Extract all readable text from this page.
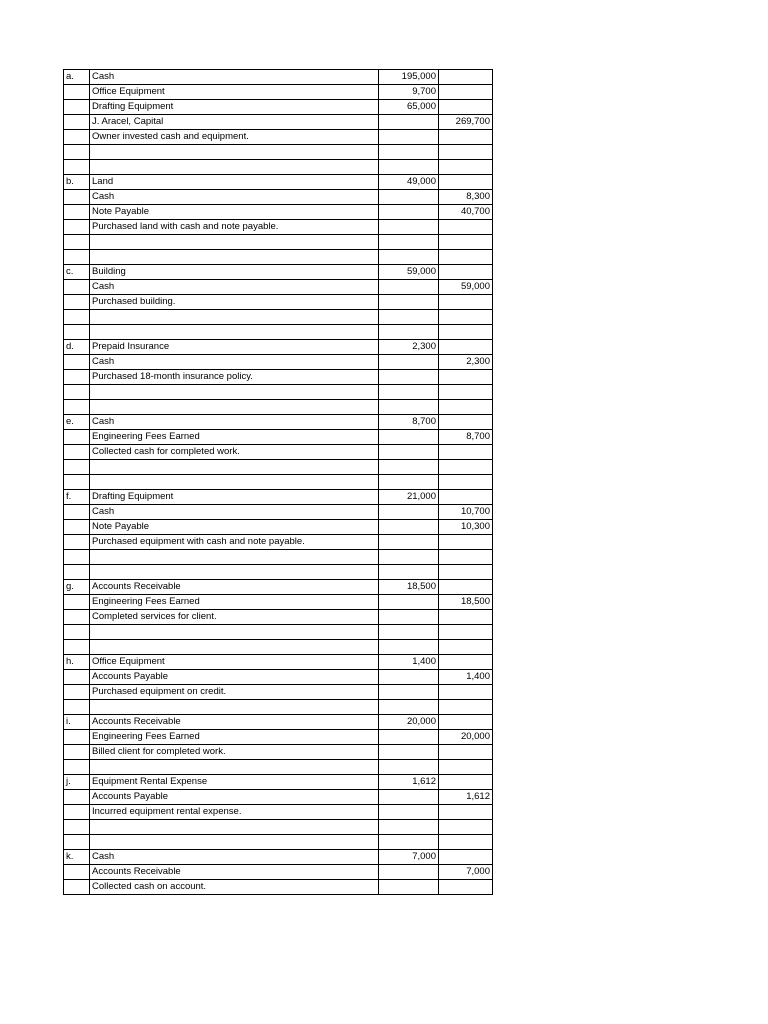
a.	Cash	195,000	
	Office Equipment	9,700	
	Drafting Equipment	65,000	
	J. Aracel, Capital		269,700
	Owner invested cash and equipment.		

b.	Land	49,000	
	Cash		8,300
	Note Payable		40,700
	Purchased land with cash and note payable.		

c.	Building	59,000	
	Cash		59,000
	Purchased building.		

d.	Prepaid Insurance	2,300	
	Cash		2,300
	Purchased 18-month insurance policy.		

e.	Cash	8,700	
	Engineering Fees Earned		8,700
	Collected cash for completed work.		

f.	Drafting Equipment	21,000	
	Cash		10,700
	Note Payable		10,300
	Purchased equipment with cash and note payable.		

g.	Accounts Receivable	18,500	
	Engineering Fees Earned		18,500
	Completed services for client.		

h.	Office Equipment	1,400	
	Accounts Payable		1,400
	Purchased equipment on credit.		

i.	Accounts Receivable	20,000	
	Engineering Fees Earned		20,000
	Billed client for completed work.		

j.	Equipment Rental Expense	1,612	
	Accounts Payable		1,612
	Incurred equipment rental expense.		

k.	Cash	7,000	
	Accounts Receivable		7,000
	Collected cash on account.		
